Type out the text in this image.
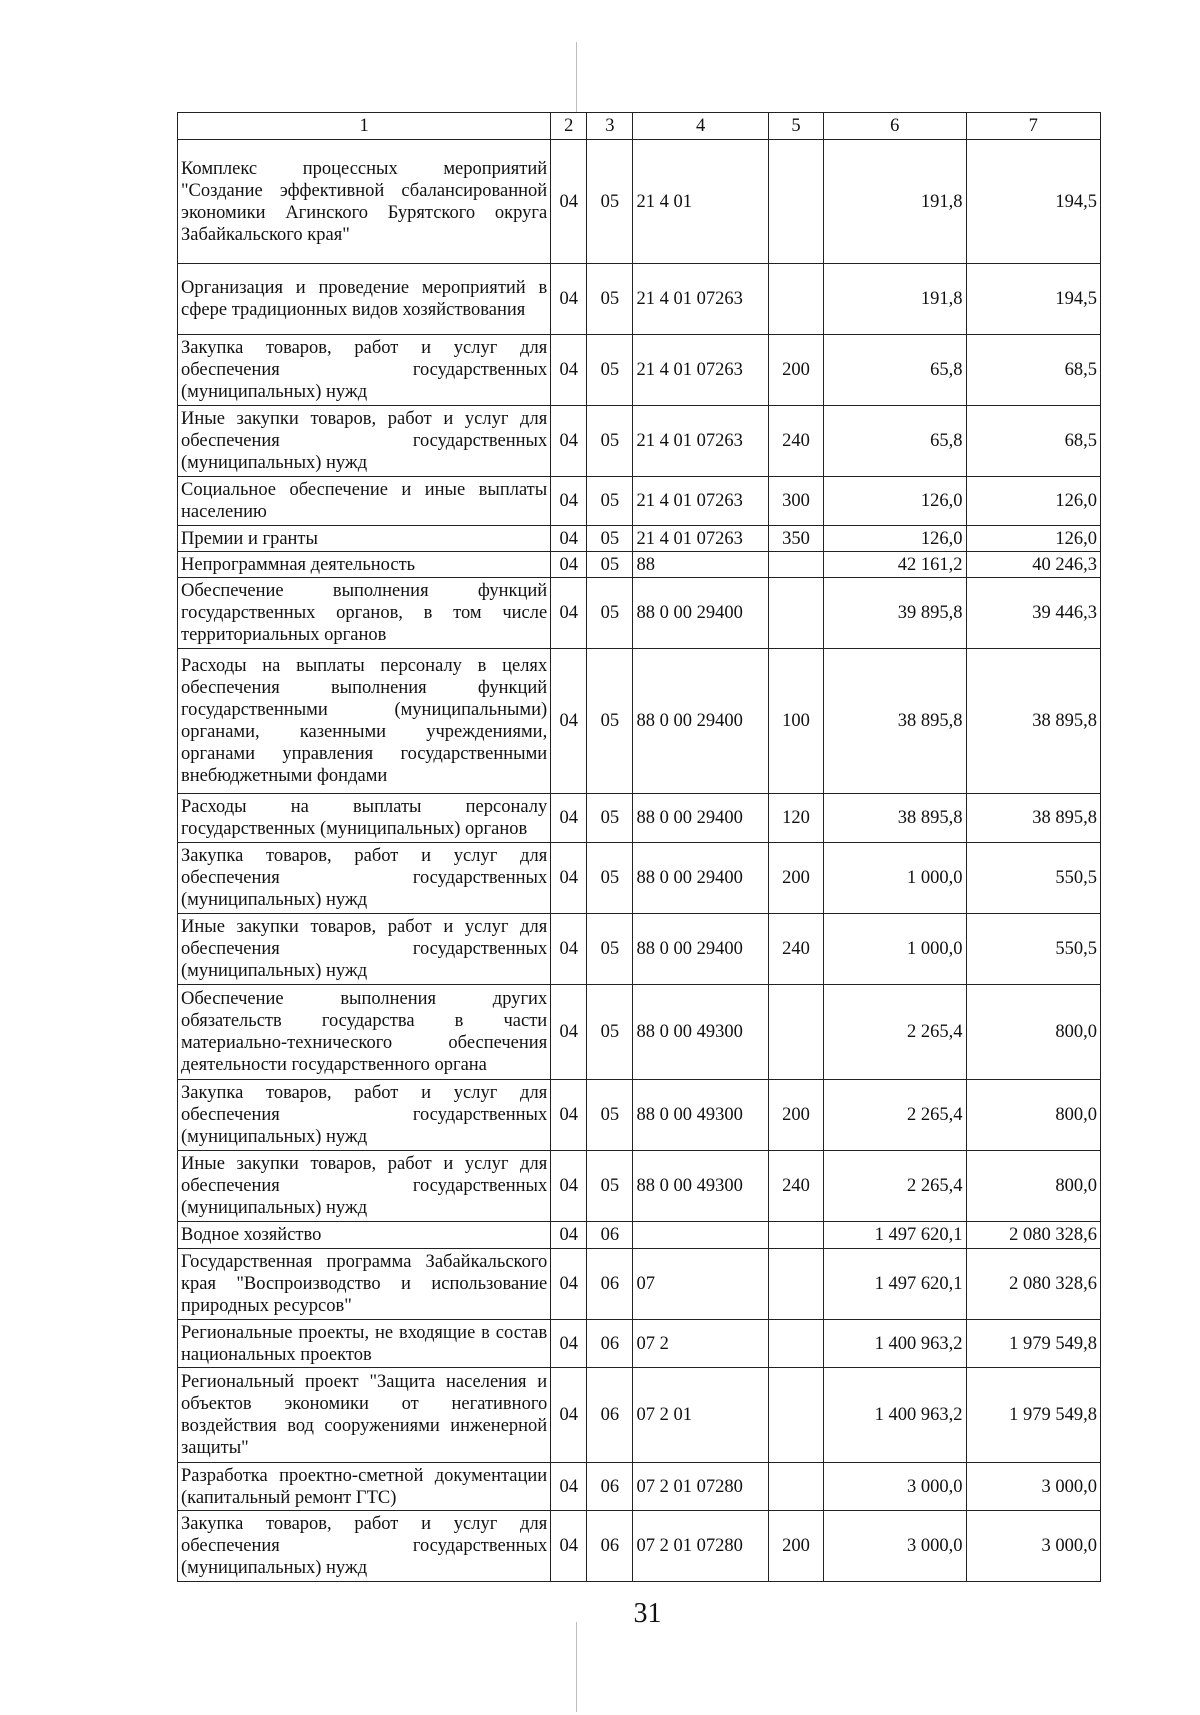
1	2	3	4	5	6	7
Комплекс процессных мероприятий "Создание эффективной сбалансированной экономики Агинского Бурятского округа Забайкальского края"	04	05	21 4 01		191,8	194,5
Организация и проведение мероприятий в сфере традиционных видов хозяйствования	04	05	21 4 01 07263		191,8	194,5
Закупка товаров, работ и услуг для обеспечения государственных (муниципальных) нужд	04	05	21 4 01 07263	200	65,8	68,5
Иные закупки товаров, работ и услуг для обеспечения государственных (муниципальных) нужд	04	05	21 4 01 07263	240	65,8	68,5
Социальное обеспечение и иные выплаты населению	04	05	21 4 01 07263	300	126,0	126,0
Премии и гранты	04	05	21 4 01 07263	350	126,0	126,0
Непрограммная деятельность	04	05	88		42 161,2	40 246,3
Обеспечение выполнения функций государственных органов, в том числе территориальных органов	04	05	88 0 00 29400		39 895,8	39 446,3
Расходы на выплаты персоналу в целях обеспечения выполнения функций государственными (муниципальными) органами, казенными учреждениями, органами управления государственными внебюджетными фондами	04	05	88 0 00 29400	100	38 895,8	38 895,8
Расходы на выплаты персоналу государственных (муниципальных) органов	04	05	88 0 00 29400	120	38 895,8	38 895,8
Закупка товаров, работ и услуг для обеспечения государственных (муниципальных) нужд	04	05	88 0 00 29400	200	1 000,0	550,5
Иные закупки товаров, работ и услуг для обеспечения государственных (муниципальных) нужд	04	05	88 0 00 29400	240	1 000,0	550,5
Обеспечение выполнения других обязательств государства в части материально-технического обеспечения деятельности государственного органа	04	05	88 0 00 49300		2 265,4	800,0
Закупка товаров, работ и услуг для обеспечения государственных (муниципальных) нужд	04	05	88 0 00 49300	200	2 265,4	800,0
Иные закупки товаров, работ и услуг для обеспечения государственных (муниципальных) нужд	04	05	88 0 00 49300	240	2 265,4	800,0
Водное хозяйство	04	06			1 497 620,1	2 080 328,6
Государственная программа Забайкальского края "Воспроизводство и использование природных ресурсов"	04	06	07		1 497 620,1	2 080 328,6
Региональные проекты, не входящие в состав национальных проектов	04	06	07 2		1 400 963,2	1 979 549,8
Региональный проект "Защита населения и объектов экономики от негативного воздействия вод сооружениями инженерной защиты"	04	06	07 2 01		1 400 963,2	1 979 549,8
Разработка проектно-сметной документации (капитальный ремонт ГТС)	04	06	07 2 01 07280		3 000,0	3 000,0
Закупка товаров, работ и услуг для обеспечения государственных (муниципальных) нужд	04	06	07 2 01 07280	200	3 000,0	3 000,0
31
